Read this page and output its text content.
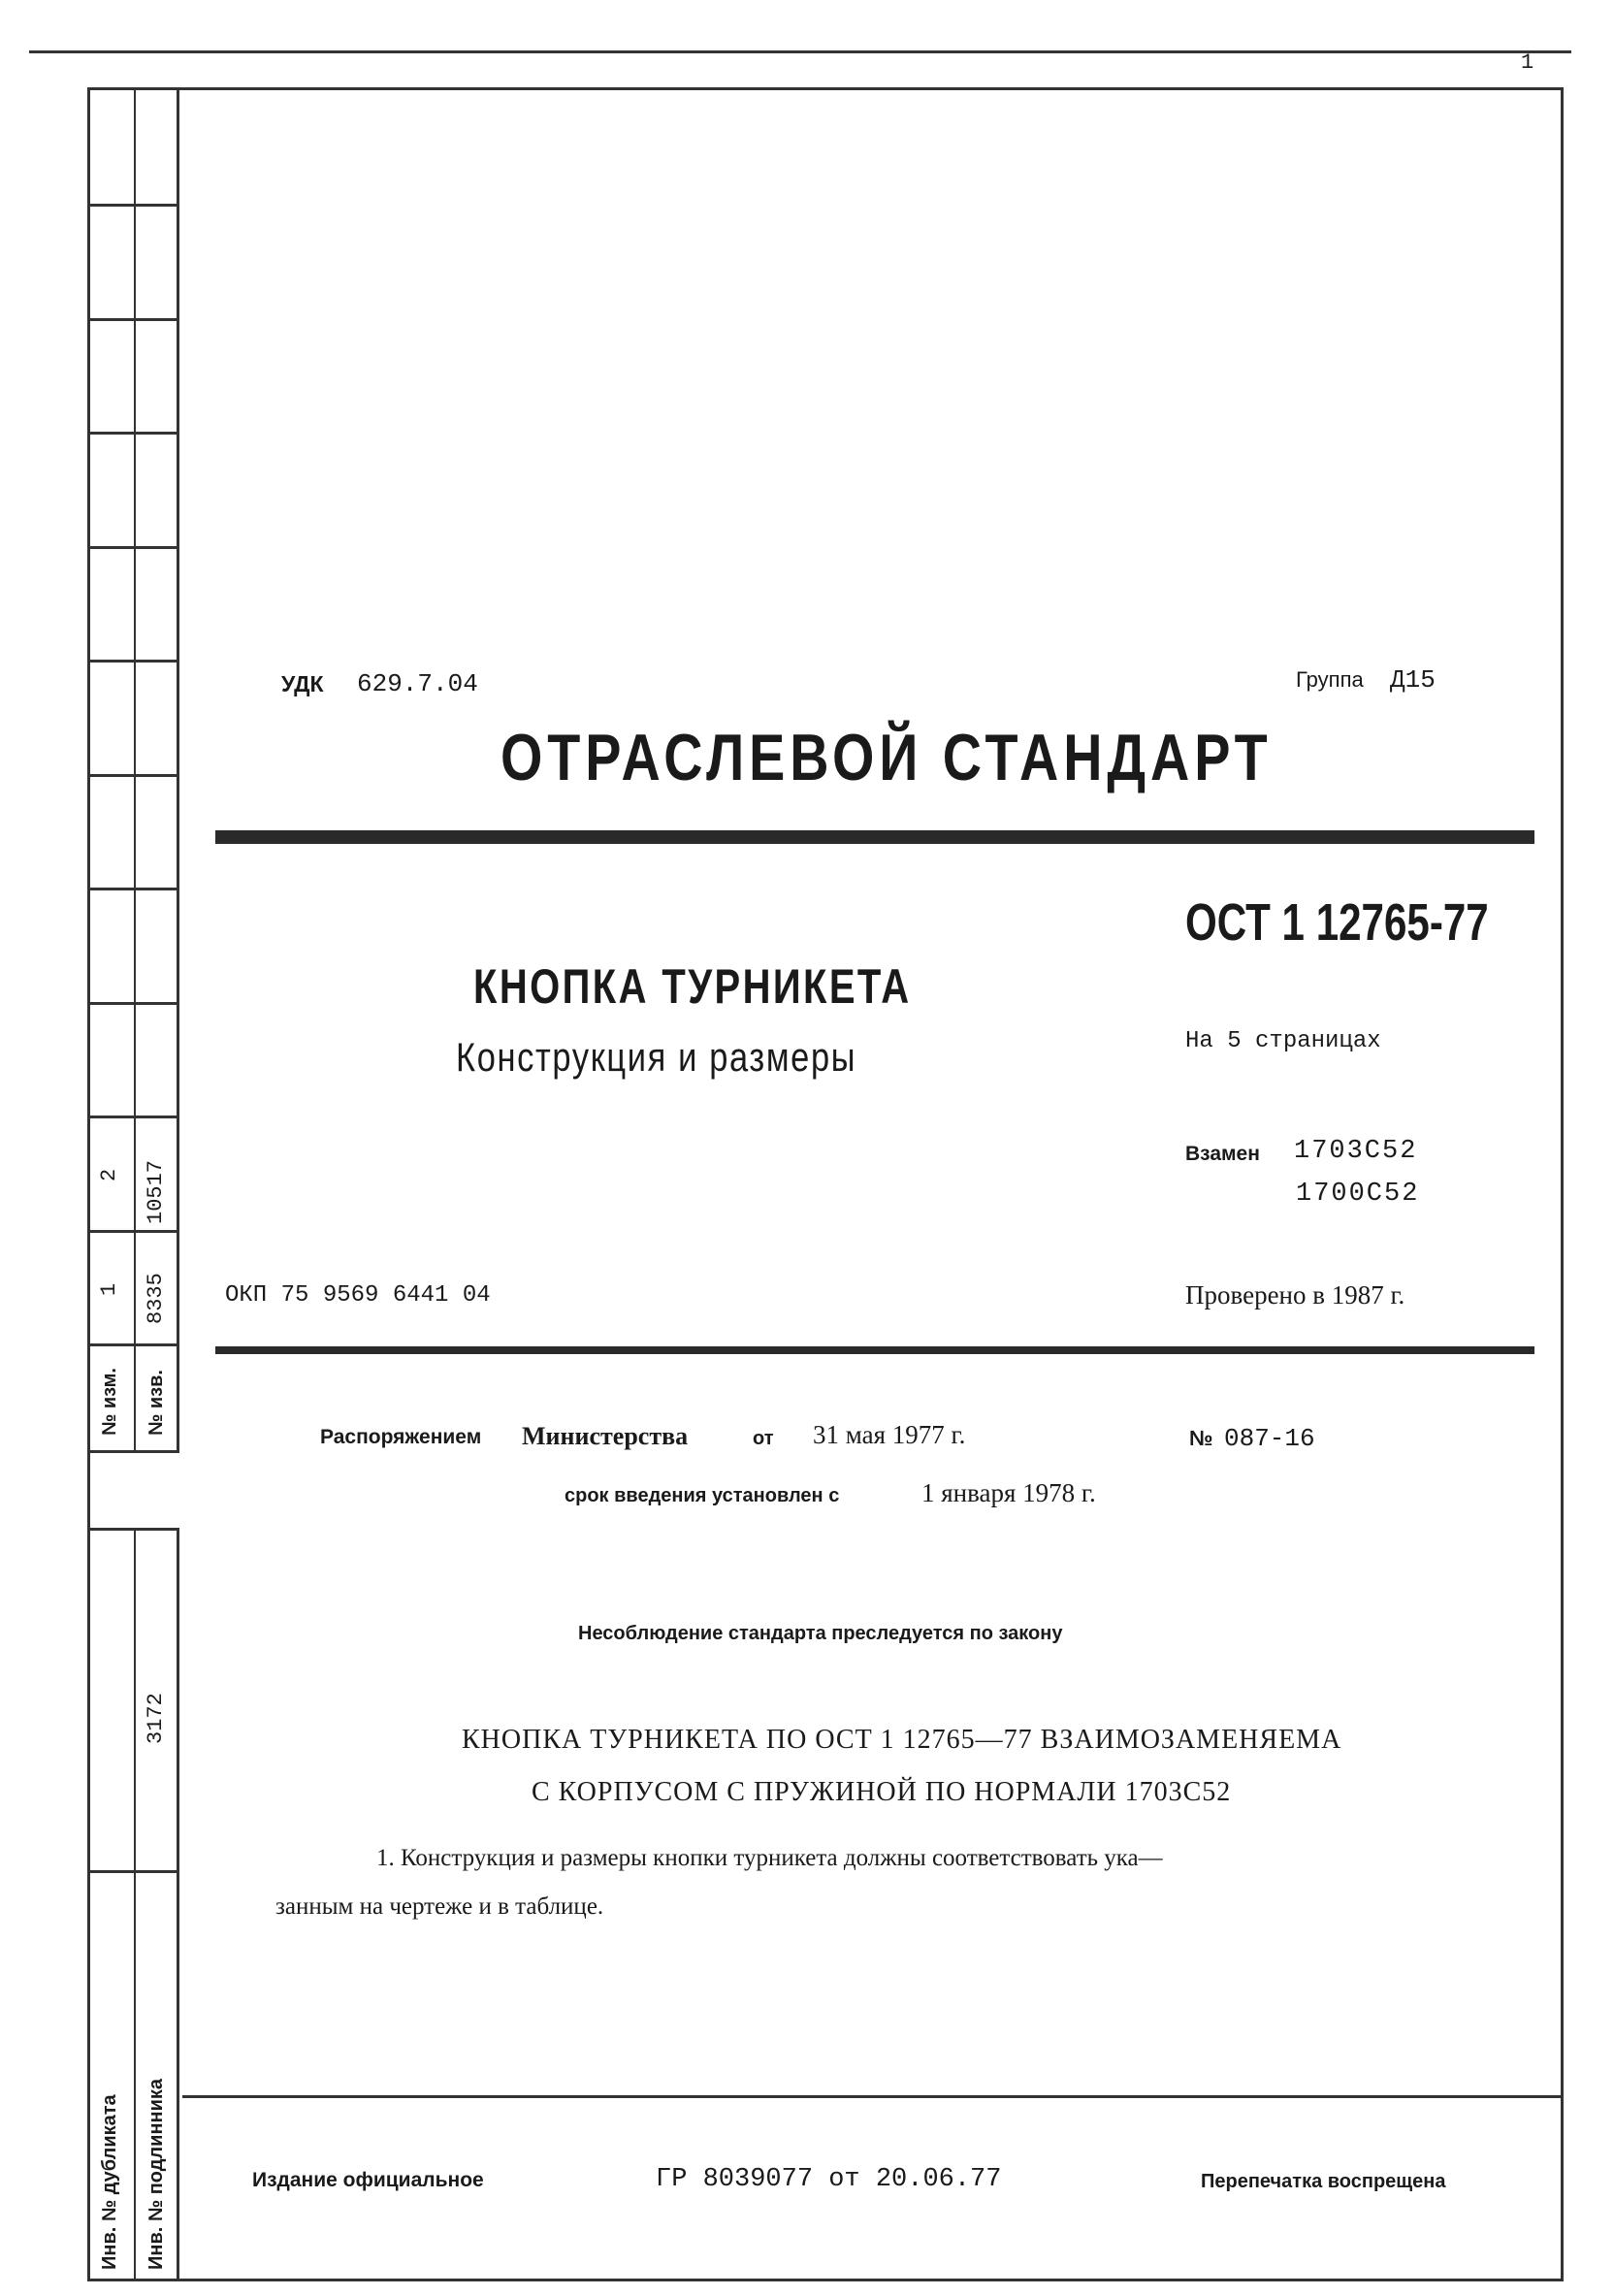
1
2 10517
1 8335
№ изм. № изв.
3172
Инв. № дубликата Инв. № подлинника
УДК 629.7.04	Группа Д15
ОТРАСЛЕВОЙ СТАНДАРТ
ОСТ 1 12765-77
КНОПКА ТУРНИКЕТА
Конструкция и размеры	На 5 страницах
Взамен 1703С52
1700С52
ОКП 75 9569 6441 04	Проверено в 1987 г.
Распоряжением Министерства	от 31 мая 1977 г.	№ 087-16
срок введения установлен с	1 января 1978 г.
Несоблюдение стандарта преследуется по закону
КНОПКА ТУРНИКЕТА ПО ОСТ 1 12765—77 ВЗАИМОЗАМЕНЯЕМА
С КОРПУСОМ С ПРУЖИНОЙ ПО НОРМАЛИ 1703С52
1. Конструкция и размеры кнопки турникета должны соответствовать ука—
занным на чертеже и в таблице.
Издание официальное	ГР 8039077 от 20.06.77	Перепечатка воспрещена
